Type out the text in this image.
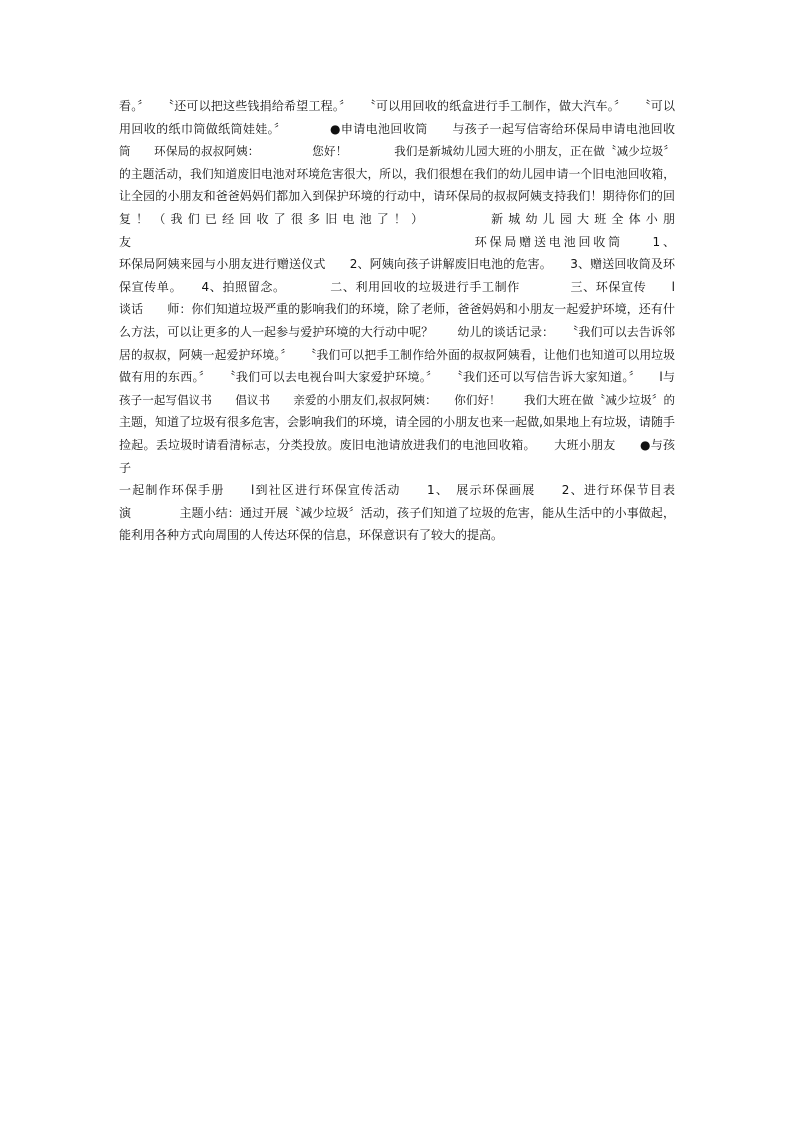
看。〞　　〝还可以把这些钱捐给希望工程。〞　　〝可以用回收的纸盒进行手工制作，做大汽车。〞　　〝可以
用回收的纸巾筒做纸筒娃娃。〞　　　　●申请电池回收筒　　与孩子一起写信寄给环保局申请电池回收
筒　　环保局的叔叔阿姨：　　　　　您好！　　　　我们是新城幼儿园大班的小朋友，正在做〝减少垃圾〞
的主题活动，我们知道废旧电池对环境危害很大，所以，我们很想在我们的幼儿园申请一个旧电池回收箱，
让全园的小朋友和爸爸妈妈们都加入到保护环境的行动中，请环保局的叔叔阿姨支持我们！期待你们的回
复！（我们已经回收了很多旧电池了！）　　　　新城幼儿园大班全体小朋
友　　　　　　　　　　　　　　　　　　　　　　　环保局赠送电池回收筒　　1、
环保局阿姨来园与小朋友进行赠送仪式　　2、阿姨向孩子讲解废旧电池的危害。　　3、赠送回收筒及环
保宣传单。　　4、拍照留念。　　　　二、利用回收的垃圾进行手工制作　　　　三、环保宣传　　l
谈话　　师：你们知道垃圾严重的影响我们的环境，除了老师，爸爸妈妈和小朋友一起爱护环境，还有什
么方法，可以让更多的人一起参与爱护环境的大行动中呢？　　幼儿的谈话记录：　　〝我们可以去告诉邻
居的叔叔，阿姨一起爱护环境。〞　　〝我们可以把手工制作给外面的叔叔阿姨看，让他们也知道可以用垃圾
做有用的东西。〞　　〝我们可以去电视台叫大家爱护环境。〞　　〝我们还可以写信告诉大家知道。〞　　l与
孩子一起写倡议书　　倡议书　　亲爱的小朋友们,叔叔阿姨：　　你们好！　　我们大班在做〝减少垃圾〞的
主题，知道了垃圾有很多危害，会影响我们的环境，请全园的小朋友也来一起做,如果地上有垃圾，请随手
捡起。丢垃圾时请看清标志，分类投放。废旧电池请放进我们的电池回收箱。　　大班小朋友　　●与孩子
一起制作环保手册　　l到社区进行环保宣传活动　　1、　展示环保画展　　2、进行环保节目表
演　　　　主题小结：通过开展〝减少垃圾〞活动，孩子们知道了垃圾的危害，能从生活中的小事做起，
能利用各种方式向周围的人传达环保的信息，环保意识有了较大的提高。
